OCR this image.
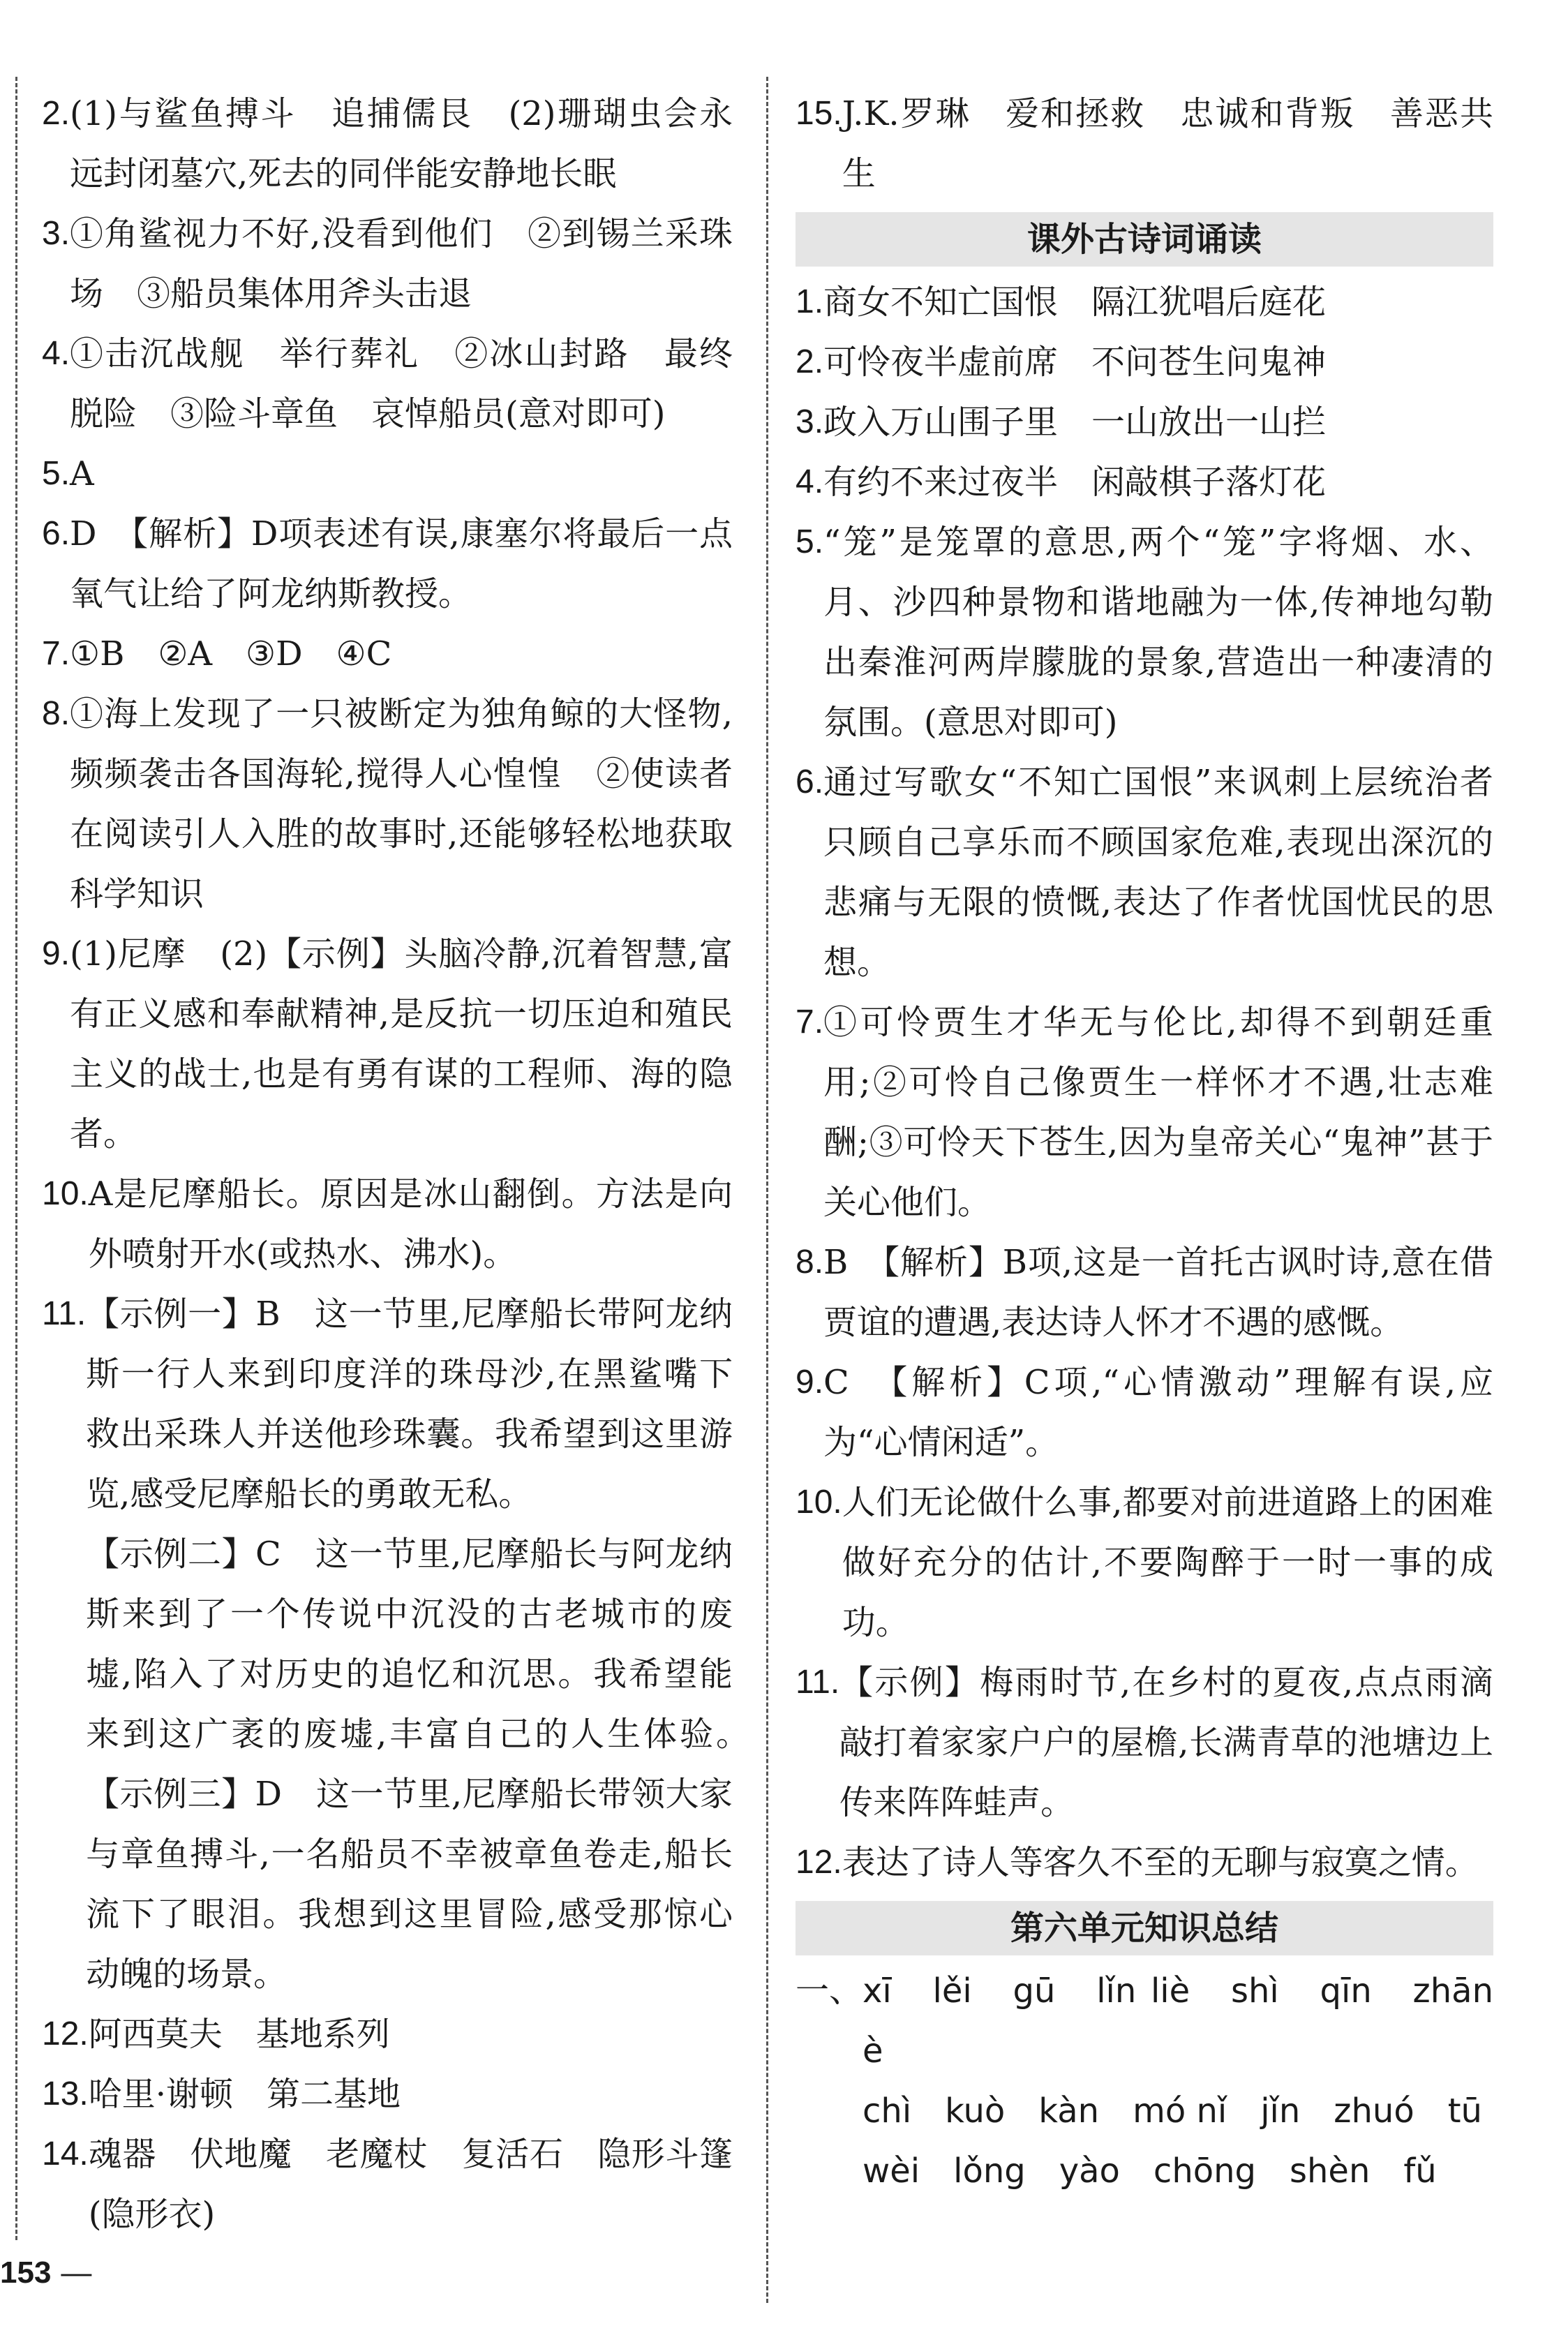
2. (1)与鲨鱼搏斗　追捕儒艮　(2)珊瑚虫会永远封闭墓穴,死去的同伴能安静地长眠
3. ①角鲨视力不好,没看到他们　②到锡兰采珠场　③船员集体用斧头击退
4. ①击沉战舰　举行葬礼　②冰山封路　最终脱险　③险斗章鱼　哀悼船员(意对即可)
5. A
6. D　【解析】D项表述有误,康塞尔将最后一点氧气让给了阿龙纳斯教授。
7. ①B　②A　③D　④C
8. ①海上发现了一只被断定为独角鲸的大怪物,频频袭击各国海轮,搅得人心惶惶　②使读者在阅读引人入胜的故事时,还能够轻松地获取科学知识
9. (1)尼摩　(2)【示例】头脑冷静,沉着智慧,富有正义感和奉献精神,是反抗一切压迫和殖民主义的战士,也是有勇有谋的工程师、海的隐者。
10. A是尼摩船长。原因是冰山翻倒。方法是向外喷射开水(或热水、沸水)。
11. 【示例一】B　这一节里,尼摩船长带阿龙纳斯一行人来到印度洋的珠母沙,在黑鲨嘴下救出采珠人并送他珍珠囊。我希望到这里游览,感受尼摩船长的勇敢无私。
【示例二】C　这一节里,尼摩船长与阿龙纳斯来到了一个传说中沉没的古老城市的废墟,陷入了对历史的追忆和沉思。我希望能来到这广袤的废墟,丰富自己的人生体验。　【示例三】D　这一节里,尼摩船长带领大家与章鱼搏斗,一名船员不幸被章鱼卷走,船长流下了眼泪。我想到这里冒险,感受那惊心动魄的场景。
12. 阿西莫夫　基地系列
13. 哈里·谢顿　第二基地
14. 魂器　伏地魔　老魔杖　复活石　隐形斗篷(隐形衣)
15. J.K.罗琳　爱和拯救　忠诚和背叛　善恶共生
课外古诗词诵读
1. 商女不知亡国恨　隔江犹唱后庭花
2. 可怜夜半虚前席　不问苍生问鬼神
3. 政入万山围子里　一山放出一山拦
4. 有约不来过夜半　闲敲棋子落灯花
5. “笼”是笼罩的意思,两个“笼”字将烟、水、月、沙四种景物和谐地融为一体,传神地勾勒出秦淮河两岸朦胧的景象,营造出一种凄清的氛围。(意思对即可)
6. 通过写歌女“不知亡国恨”来讽刺上层统治者只顾自己享乐而不顾国家危难,表现出深沉的悲痛与无限的愤慨,表达了作者忧国忧民的思想。
7. ①可怜贾生才华无与伦比,却得不到朝廷重用;②可怜自己像贾生一样怀才不遇,壮志难酬;③可怜天下苍生,因为皇帝关心“鬼神”甚于关心他们。
8. B　【解析】B项,这是一首托古讽时诗,意在借贾谊的遭遇,表达诗人怀才不遇的感慨。
9. C　【解析】C项,“心情激动”理解有误,应为“心情闲适”。
10. 人们无论做什么事,都要对前进道路上的困难做好充分的估计,不要陶醉于一时一事的成功。
11. 【示例】梅雨时节,在乡村的夏夜,点点雨滴敲打着家家户户的屋檐,长满青草的池塘边上传来阵阵蛙声。
12. 表达了诗人等客久不至的无聊与寂寞之情。
第六单元知识总结
一、 xī　lěi　gū　lǐn liè　shì　qīn　zhān　è
chì　kuò　kàn　mó nǐ　jǐn　zhuó　tū
wèi　lǒng　yào　chōng　shèn　fǔ
153 —
